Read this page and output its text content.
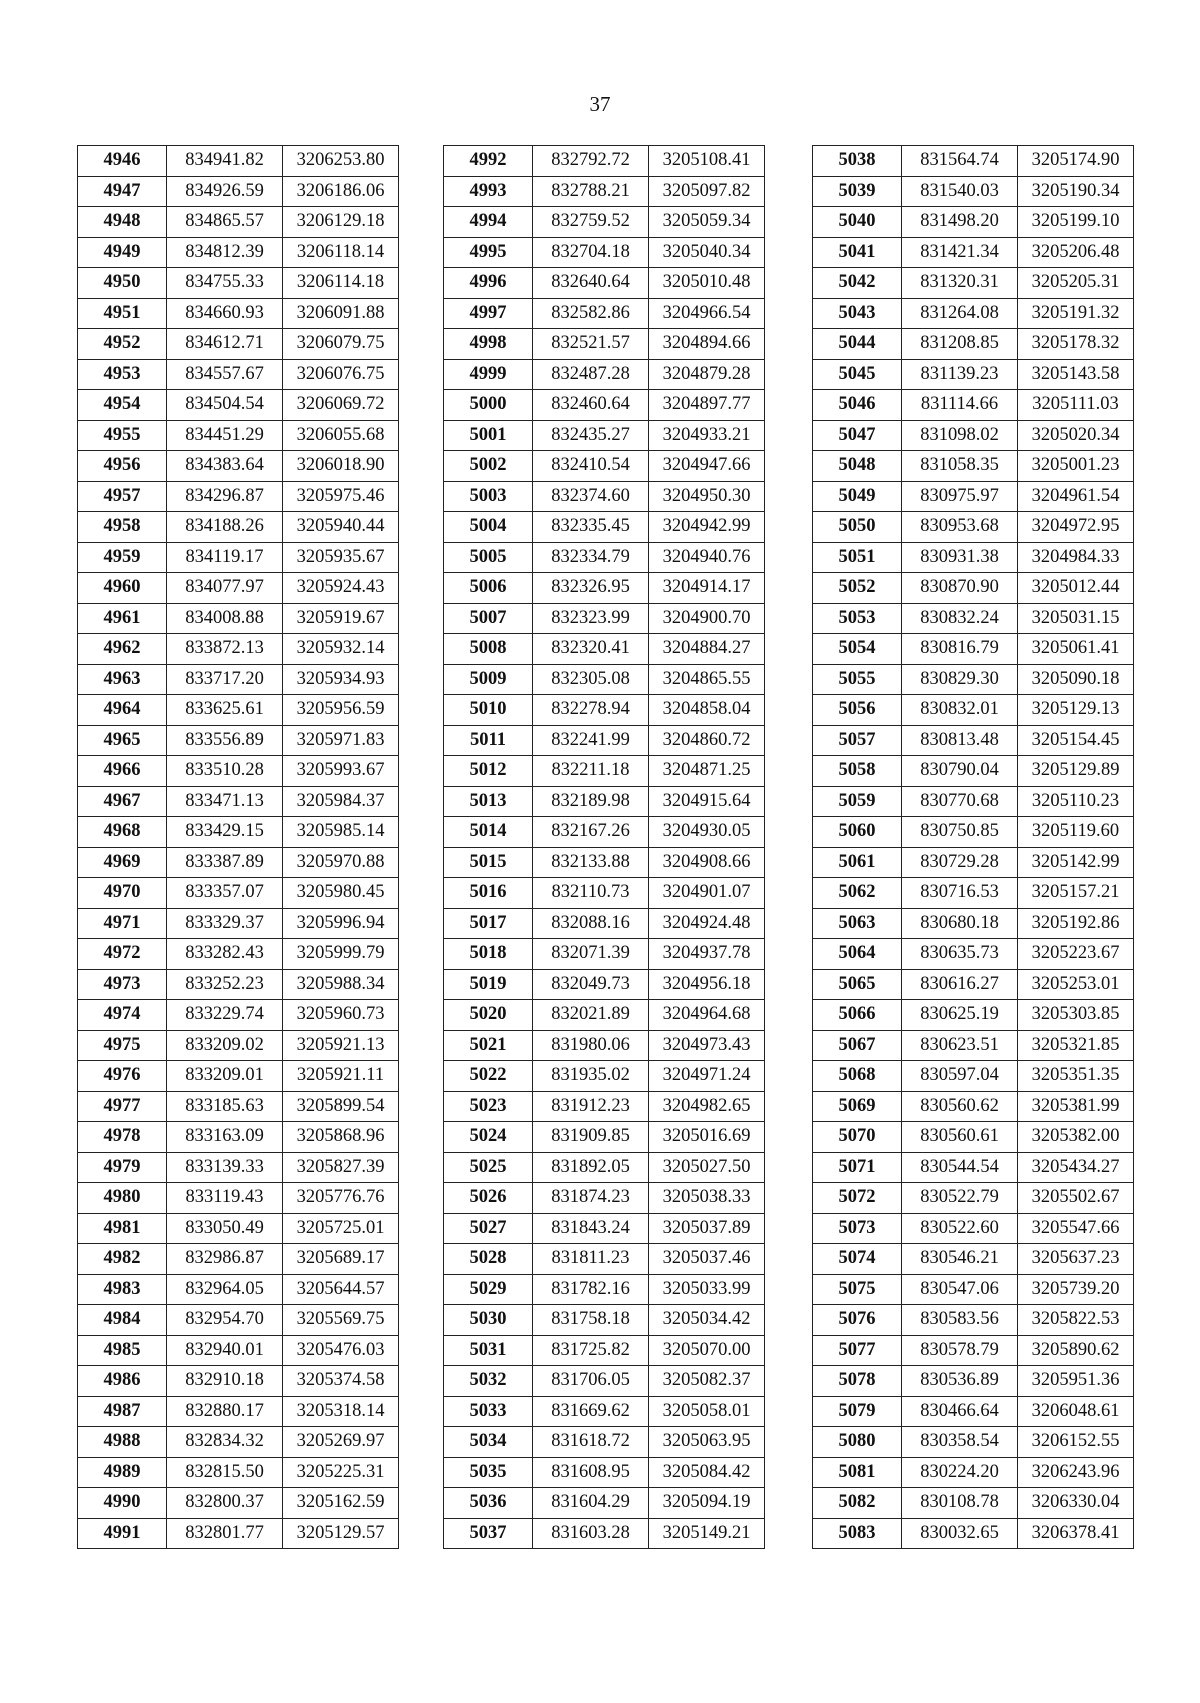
37
4946	834941.82	3206253.80
4947	834926.59	3206186.06
4948	834865.57	3206129.18
4949	834812.39	3206118.14
4950	834755.33	3206114.18
4951	834660.93	3206091.88
4952	834612.71	3206079.75
4953	834557.67	3206076.75
4954	834504.54	3206069.72
4955	834451.29	3206055.68
4956	834383.64	3206018.90
4957	834296.87	3205975.46
4958	834188.26	3205940.44
4959	834119.17	3205935.67
4960	834077.97	3205924.43
4961	834008.88	3205919.67
4962	833872.13	3205932.14
4963	833717.20	3205934.93
4964	833625.61	3205956.59
4965	833556.89	3205971.83
4966	833510.28	3205993.67
4967	833471.13	3205984.37
4968	833429.15	3205985.14
4969	833387.89	3205970.88
4970	833357.07	3205980.45
4971	833329.37	3205996.94
4972	833282.43	3205999.79
4973	833252.23	3205988.34
4974	833229.74	3205960.73
4975	833209.02	3205921.13
4976	833209.01	3205921.11
4977	833185.63	3205899.54
4978	833163.09	3205868.96
4979	833139.33	3205827.39
4980	833119.43	3205776.76
4981	833050.49	3205725.01
4982	832986.87	3205689.17
4983	832964.05	3205644.57
4984	832954.70	3205569.75
4985	832940.01	3205476.03
4986	832910.18	3205374.58
4987	832880.17	3205318.14
4988	832834.32	3205269.97
4989	832815.50	3205225.31
4990	832800.37	3205162.59
4991	832801.77	3205129.57
4992	832792.72	3205108.41
4993	832788.21	3205097.82
4994	832759.52	3205059.34
4995	832704.18	3205040.34
4996	832640.64	3205010.48
4997	832582.86	3204966.54
4998	832521.57	3204894.66
4999	832487.28	3204879.28
5000	832460.64	3204897.77
5001	832435.27	3204933.21
5002	832410.54	3204947.66
5003	832374.60	3204950.30
5004	832335.45	3204942.99
5005	832334.79	3204940.76
5006	832326.95	3204914.17
5007	832323.99	3204900.70
5008	832320.41	3204884.27
5009	832305.08	3204865.55
5010	832278.94	3204858.04
5011	832241.99	3204860.72
5012	832211.18	3204871.25
5013	832189.98	3204915.64
5014	832167.26	3204930.05
5015	832133.88	3204908.66
5016	832110.73	3204901.07
5017	832088.16	3204924.48
5018	832071.39	3204937.78
5019	832049.73	3204956.18
5020	832021.89	3204964.68
5021	831980.06	3204973.43
5022	831935.02	3204971.24
5023	831912.23	3204982.65
5024	831909.85	3205016.69
5025	831892.05	3205027.50
5026	831874.23	3205038.33
5027	831843.24	3205037.89
5028	831811.23	3205037.46
5029	831782.16	3205033.99
5030	831758.18	3205034.42
5031	831725.82	3205070.00
5032	831706.05	3205082.37
5033	831669.62	3205058.01
5034	831618.72	3205063.95
5035	831608.95	3205084.42
5036	831604.29	3205094.19
5037	831603.28	3205149.21
5038	831564.74	3205174.90
5039	831540.03	3205190.34
5040	831498.20	3205199.10
5041	831421.34	3205206.48
5042	831320.31	3205205.31
5043	831264.08	3205191.32
5044	831208.85	3205178.32
5045	831139.23	3205143.58
5046	831114.66	3205111.03
5047	831098.02	3205020.34
5048	831058.35	3205001.23
5049	830975.97	3204961.54
5050	830953.68	3204972.95
5051	830931.38	3204984.33
5052	830870.90	3205012.44
5053	830832.24	3205031.15
5054	830816.79	3205061.41
5055	830829.30	3205090.18
5056	830832.01	3205129.13
5057	830813.48	3205154.45
5058	830790.04	3205129.89
5059	830770.68	3205110.23
5060	830750.85	3205119.60
5061	830729.28	3205142.99
5062	830716.53	3205157.21
5063	830680.18	3205192.86
5064	830635.73	3205223.67
5065	830616.27	3205253.01
5066	830625.19	3205303.85
5067	830623.51	3205321.85
5068	830597.04	3205351.35
5069	830560.62	3205381.99
5070	830560.61	3205382.00
5071	830544.54	3205434.27
5072	830522.79	3205502.67
5073	830522.60	3205547.66
5074	830546.21	3205637.23
5075	830547.06	3205739.20
5076	830583.56	3205822.53
5077	830578.79	3205890.62
5078	830536.89	3205951.36
5079	830466.64	3206048.61
5080	830358.54	3206152.55
5081	830224.20	3206243.96
5082	830108.78	3206330.04
5083	830032.65	3206378.41
